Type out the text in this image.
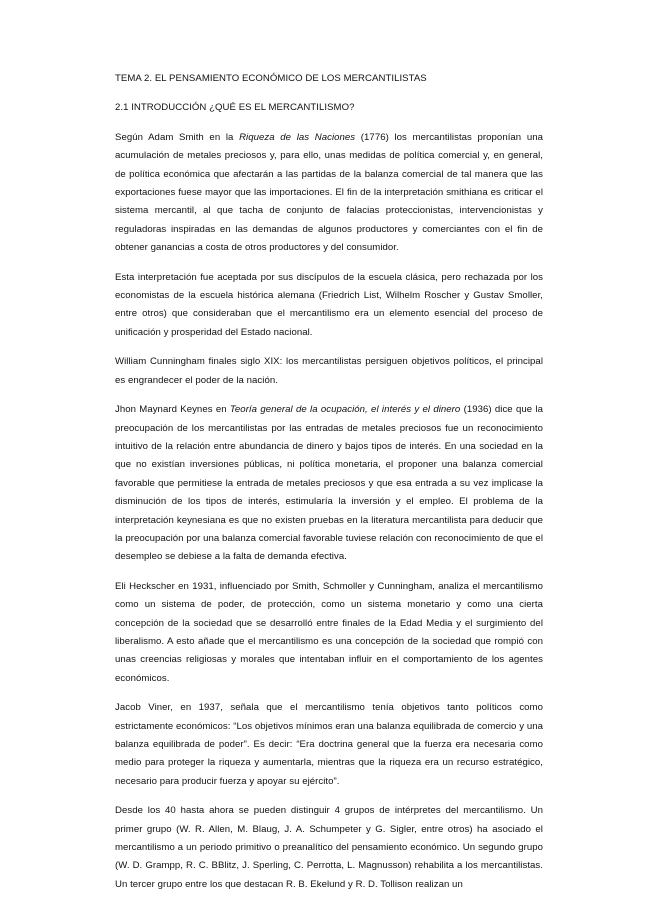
TEMA 2. EL PENSAMIENTO ECONÓMICO DE LOS MERCANTILISTAS

2.1 INTRODUCCIÓN ¿QUÉ ES EL MERCANTILISMO?

Según Adam Smith en la Riqueza de las Naciones (1776) los mercantilistas proponían una acumulación de metales preciosos y, para ello, unas medidas de política comercial y, en general, de política económica que afectarán a las partidas de la balanza comercial de tal manera que las exportaciones fuese mayor que las importaciones. El fin de la interpretación smithiana es criticar el sistema mercantil, al que tacha de conjunto de falacias proteccionistas, intervencionistas y reguladoras inspiradas en las demandas de algunos productores y comerciantes con el fin de obtener ganancias a costa de otros productores y del consumidor.

Esta interpretación fue aceptada por sus discípulos de la escuela clásica, pero rechazada por los economistas de la escuela histórica alemana (Friedrich List, Wilhelm Roscher y Gustav Smoller, entre otros) que consideraban que el mercantilismo era un elemento esencial del proceso de unificación y prosperidad del Estado nacional.

William Cunningham finales siglo XIX: los mercantilistas persiguen objetivos políticos, el principal es engrandecer el poder de la nación.

Jhon Maynard Keynes en Teoría general de la ocupación, el interés y el dinero (1936) dice que la preocupación de los mercantilistas por las entradas de metales preciosos fue un reconocimiento intuitivo de la relación entre abundancia de dinero y bajos tipos de interés. En una sociedad en la que no existían inversiones públicas, ni política monetaria, el proponer una balanza comercial favorable que permitiese la entrada de metales preciosos y que esa entrada a su vez implicase la disminución de los tipos de interés, estimularía la inversión y el empleo. El problema de la interpretación keynesiana es que no existen pruebas en la literatura mercantilista para deducir que la preocupación por una balanza comercial favorable tuviese relación con reconocimiento de que el desempleo se debiese a la falta de demanda efectiva.

Eli Heckscher en 1931, influenciado por Smith, Schmoller y Cunningham, analiza el mercantilismo como un sistema de poder, de protección, como un sistema monetario y como una cierta concepción de la sociedad que se desarrolló entre finales de la Edad Media y el surgimiento del liberalismo. A esto añade que el mercantilismo es una concepción de la sociedad que rompió con unas creencias religiosas y morales que intentaban influir en el comportamiento de los agentes económicos.

Jacob Viner, en 1937, señala que el mercantilismo tenía objetivos tanto políticos como estrictamente económicos: “Los objetivos mínimos eran una balanza equilibrada de comercio y una balanza equilibrada de poder”. Es decir: “Era doctrina general que la fuerza era necesaria como medio para proteger la riqueza y aumentarla, mientras que la riqueza era un recurso estratégico, necesario para producir fuerza y apoyar su ejército”.

Desde los 40 hasta ahora se pueden distinguir 4 grupos de intérpretes del mercantilismo. Un primer grupo (W. R. Allen, M. Blaug, J. A. Schumpeter y G. Sigler, entre otros) ha asociado el mercantilismo a un periodo primitivo o preanalítico del pensamiento económico. Un segundo grupo (W. D. Grampp, R. C. BBlitz, J. Sperling, C. Perrotta, L. Magnusson) rehabilita a los mercantilistas. Un tercer grupo entre los que destacan R. B. Ekelund y R. D. Tollison realizan un
